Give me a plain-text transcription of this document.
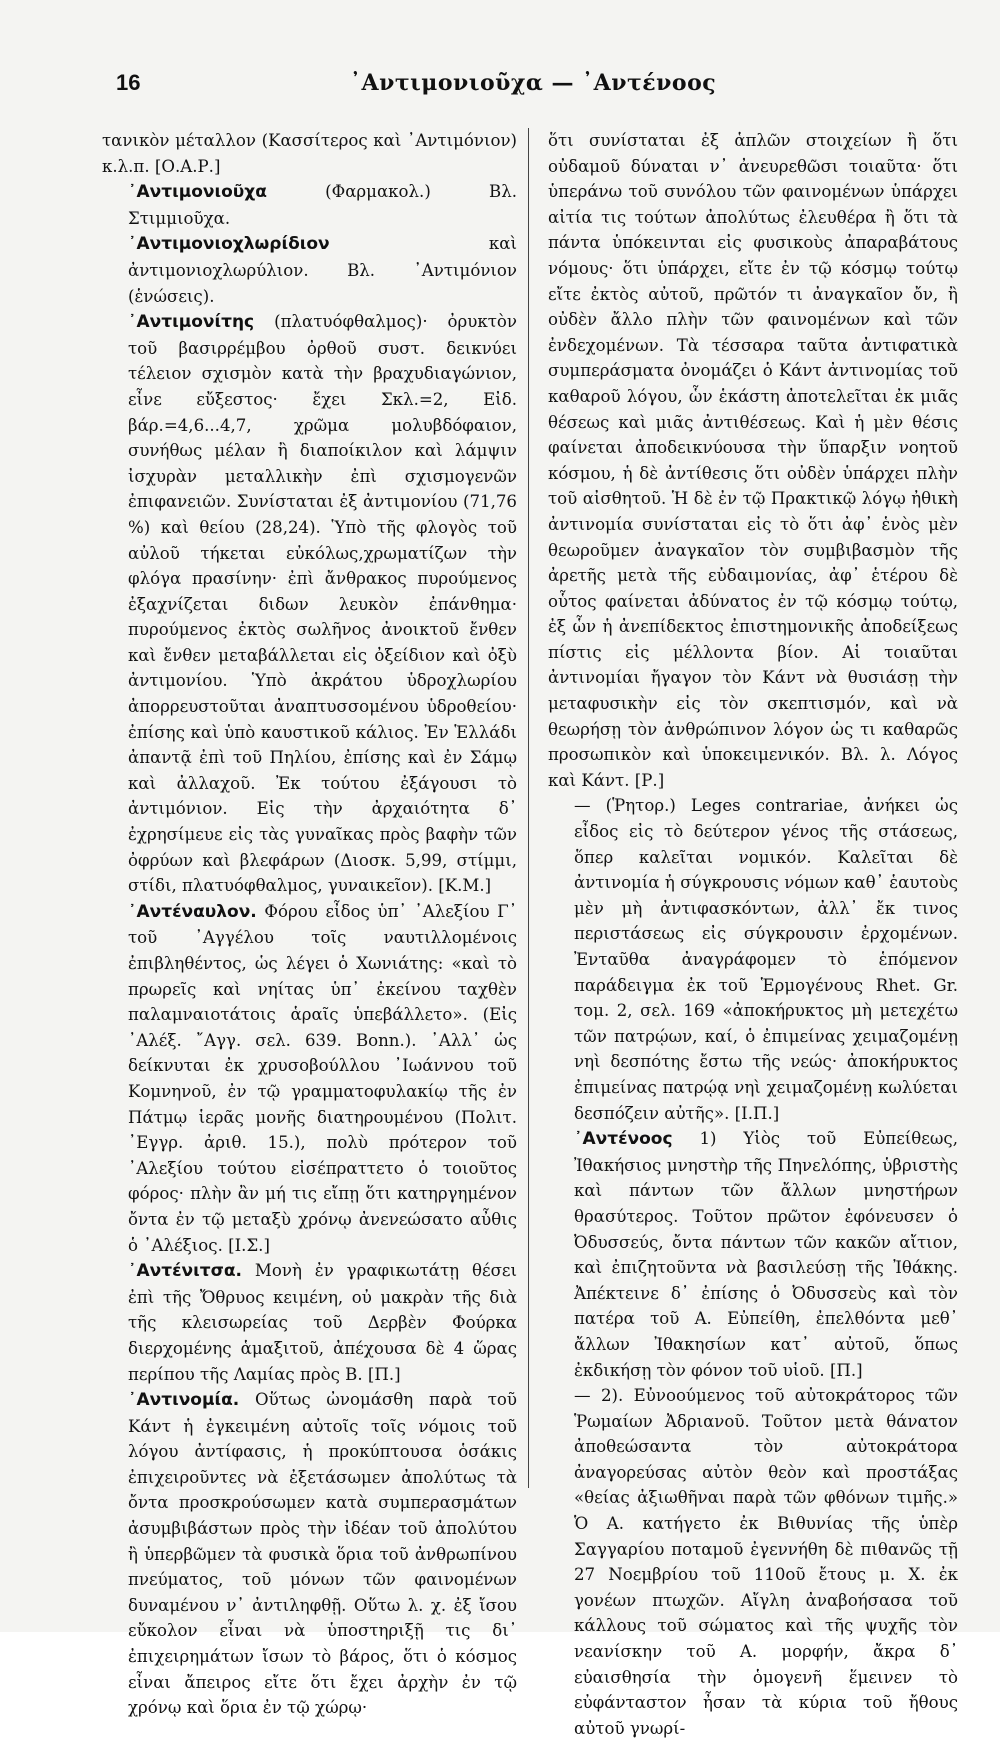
16	᾿Αντιμονιοῦχα — ᾿Αντένοος

τανικὸν μέταλλον (Κασσίτερος καὶ ᾿Αντιμόνιον) κ.λ.π. [Ο.Α.Ρ.]

᾿Αντιμονιοῦχα	(Φαρμακολ.) Βλ. Στιμμιοῦχα.

᾿Αντιμονιοχλωρίδιον	καὶ ἀντιμονιοχλωρύλιον. Βλ. ᾿Αντιμόνιον (ἑνώσεις).

᾿Αντιμονίτης (πλατυόφθαλμος)· ὀρυκτὸν τοῦ βασιρρέμβου ὀρθοῦ συστ. δεικνύει τέλειον σχισμὸν κατὰ τὴν βραχυδιαγώνιον, εἶνε εὔξεστος· ἔχει Σκλ.=2, Εἰδ. βάρ.=4,6...4,7, χρῶμα μολυβδόφαιον, συνήθως μέλαν ἢ διαποίκιλον καὶ λάμψιν ἰσχυρὰν μεταλλικὴν ἐπὶ σχισμογενῶν ἐπιφανειῶν. Συνίσταται ἐξ ἀντιμονίου (71,76 %) καὶ θείου (28,24). Ὑπὸ τῆς φλογὸς τοῦ αὐλοῦ τήκεται εὐκόλως,χρωματίζων τὴν φλόγα πρασίνην· ἐπὶ ἄνθρακος πυρούμενος ἐξαχνίζεται διδων λευκὸν ἐπάνθημα· πυρούμενος ἐκτὸς σωλῆνος ἀνοικτοῦ ἔνθεν καὶ ἔνθεν μεταβάλλεται εἰς ὀξείδιον καὶ ὀξὺ ἀντιμονίου. Ὑπὸ ἀκράτου ὑδροχλωρίου ἀπορρευστοῦται ἀναπτυσσομένου ὑδροθείου· ἐπίσης καὶ ὑπὸ καυστικοῦ κάλιος. Ἐν Ἑλλάδι ἀπαντᾷ ἐπὶ τοῦ Πηλίου, ἐπίσης καὶ ἐν Σάμῳ καὶ ἀλλαχοῦ. Ἐκ τούτου ἐξάγουσι τὸ ἀντιμόνιον. Εἰς τὴν ἀρχαιότητα δ᾿ ἐχρησίμευε εἰς τὰς γυναῖκας πρὸς βαφὴν τῶν ὀφρύων καὶ βλεφάρων (Διοσκ. 5,99, στίμμι, στίδι, πλατυόφθαλμος, γυναικεῖον). [Κ.Μ.]

᾿Αντέναυλον. Φόρου εἶδος ὑπ᾿ ᾿Αλεξίου Γ᾿ τοῦ ᾿Αγγέλου τοῖς ναυτιλλομένοις ἐπιβληθέντος, ὡς λέγει ὁ Χωνιάτης: «καὶ τὸ πρωρεῖς καὶ νηίτας ὑπ᾿ ἐκείνου ταχθὲν παλαμναιοτάτοις ἁραῖς ὑπεβάλλετο». (Εἰς ᾿Αλέξ. ῎Αγγ. σελ. 639. Bonn.). ᾿Αλλ᾿ ὡς δείκνυται ἐκ χρυσοβούλλου ᾿Ιωάννου τοῦ Κομνηνοῦ, ἐν τῷ γραμματοφυλακίῳ τῆς ἐν Πάτμῳ ἱερᾶς μονῆς διατηρουμένου (Πολιτ. ᾿Εγγρ. ἀριθ. 15.), πολὺ πρότερον τοῦ ᾿Αλεξίου τούτου εἰσέπραττετο ὁ τοιοῦτος φόρος· πλὴν ἂν μή τις εἴπῃ ὅτι κατηργημένον ὄντα ἐν τῷ μεταξὺ χρόνῳ ἀνενεώσατο αὖθις ὁ ᾿Αλέξιος. [Ι.Σ.]

᾿Αντένιτσα. Μονὴ ἐν γραφικωτάτῃ θέσει ἐπὶ τῆς Ὄθρυος κειμένη, οὐ μακρὰν τῆς διὰ τῆς κλεισωρείας τοῦ Δερβὲν Φούρκα διερχομένης ἁμαξιτοῦ, ἀπέχουσα δὲ 4 ὥρας περίπου τῆς Λαμίας πρὸς Β. [Π.]

᾿Αντινομία. Οὕτως ὠνομάσθη παρὰ τοῦ Κάντ ἡ ἐγκειμένη αὐτοῖς τοῖς νόμοις τοῦ λόγου ἀντίφασις, ἡ προκύπτουσα ὁσάκις ἐπιχειροῦντες νὰ ἐξετάσωμεν ἀπολύτως τὰ ὄντα προσκρούσωμεν κατὰ συμπερασμάτων ἀσυμβιβάστων πρὸς τὴν ἰδέαν τοῦ ἀπολύτου ἢ ὑπερβῶμεν τὰ φυσικὰ ὅρια τοῦ ἀνθρωπίνου πνεύματος, τοῦ μόνων τῶν φαινομένων δυναμένου ν᾿ ἀντιληφθῇ. Οὕτω λ. χ. ἐξ ἴσου εὔκολον εἶναι νὰ ὑποστηριξῇ τις δι᾿ ἐπιχειρημάτων ἴσων τὸ βάρος, ὅτι ὁ κόσμος εἶναι ἄπειρος εἴτε ὅτι ἔχει ἀρχὴν ἐν τῷ χρόνῳ καὶ ὅρια ἐν τῷ χώρῳ·

ὅτι συνίσταται ἐξ ἁπλῶν στοιχείων ἢ ὅτι οὐδαμοῦ δύναται ν᾿ ἀνευρεθῶσι τοιαῦτα· ὅτι ὑπεράνω τοῦ συνόλου τῶν φαινομένων ὑπάρχει αἰτία τις τούτων ἀπολύτως ἐλευθέρα ἢ ὅτι τὰ πάντα ὑπόκεινται εἰς φυσικοὺς ἀπαραβάτους νόμους· ὅτι ὑπάρχει, εἴτε ἐν τῷ κόσμῳ τούτῳ εἴτε ἐκτὸς αὐτοῦ, πρῶτόν τι ἀναγκαῖον ὄν, ἢ οὐδὲν ἄλλο πλὴν τῶν φαινομένων καὶ τῶν ἐνδεχομένων. Τὰ τέσσαρα ταῦτα ἀντιφατικὰ συμπεράσματα ὀνομάζει ὁ Κάντ ἀντινομίας τοῦ καθαροῦ λόγου, ὧν ἑκάστη ἀποτελεῖται ἐκ μιᾶς θέσεως καὶ μιᾶς ἀντιθέσεως. Καὶ ἡ μὲν θέσις φαίνεται ἀποδεικνύουσα τὴν ὕπαρξιν νοητοῦ κόσμου, ἡ δὲ ἀντίθεσις ὅτι οὐδὲν ὑπάρχει πλὴν τοῦ αἰσθητοῦ. Ἡ δὲ ἐν τῷ Πρακτικῷ λόγῳ ἠθικὴ ἀντινομία συνίσταται εἰς τὸ ὅτι ἀφ᾿ ἑνὸς μὲν θεωροῦμεν ἀναγκαῖον τὸν συμβιβασμὸν τῆς ἀρετῆς μετὰ τῆς εὐδαιμονίας, ἀφ᾿ ἑτέρου δὲ οὗτος φαίνεται ἀδύνατος ἐν τῷ κόσμῳ τούτῳ, ἐξ ὧν ἡ ἀνεπίδεκτος ἐπιστημονικῆς ἀποδείξεως πίστις εἰς μέλλοντα βίον. Αἱ τοιαῦται ἀντινομίαι ἤγαγον τὸν Κάντ νὰ θυσιάσῃ τὴν μεταφυσικὴν εἰς τὸν σκεπτισμόν, καὶ νὰ θεωρήσῃ τὸν ἀνθρώπινον λόγον ὡς τι καθαρῶς προσωπικὸν καὶ ὑποκειμενικόν. Βλ. λ. Λόγος καὶ Κάντ. [Ρ.]

— (Ῥητορ.) Leges contrariae, ἀνήκει ὡς εἶδος εἰς τὸ δεύτερον γένος τῆς στάσεως, ὅπερ καλεῖται νομικόν. Καλεῖται δὲ ἀντινομία ἡ σύγκρουσις νόμων καθ᾿ ἑαυτοὺς μὲν μὴ ἀντιφασκόντων, ἀλλ᾿ ἔκ τινος περιστάσεως εἰς σύγκρουσιν ἐρχομένων. Ἐνταῦθα ἀναγράφομεν τὸ ἑπόμενον παράδειγμα ἐκ τοῦ Ἑρμογένους Rhet. Gr. τομ. 2, σελ. 169 «ἀποκήρυκτος μὴ μετεχέτω τῶν πατρῴων, καί, ὁ ἐπιμείνας χειμαζομένῃ νηὶ δεσπότης ἔστω τῆς νεώς· ἀποκήρυκτος ἐπιμείνας πατρῴᾳ νηὶ χειμαζομένῃ κωλύεται δεσπόζειν αὐτῆς». [Ι.Π.]

᾿Αντένοος 1) Υἱὸς τοῦ Εὐπείθεως, Ἰθακήσιος μνηστὴρ τῆς Πηνελόπης, ὑβριστὴς καὶ πάντων τῶν ἄλλων μνηστήρων θρασύτερος. Τοῦτον πρῶτον ἐφόνευσεν ὁ Ὀδυσσεύς, ὄντα πάντων τῶν κακῶν αἴτιον, καὶ ἐπιζητοῦντα νὰ βασιλεύσῃ τῆς Ἰθάκης. Ἀπέκτεινε δ᾿ ἐπίσης ὁ Ὀδυσσεὺς καὶ τὸν πατέρα τοῦ Α. Εὐπείθη, ἐπελθόντα μεθ᾿ ἄλλων Ἰθακησίων κατ᾿ αὐτοῦ, ὅπως ἐκδικήσῃ τὸν φόνον τοῦ υἱοῦ. [Π.]

— 2). Εὐνοούμενος τοῦ αὐτοκράτορος τῶν Ῥωμαίων Ἀδριανοῦ. Τοῦτον μετὰ θάνατον ἀποθεώσαντα τὸν αὐτοκράτορα ἀναγορεύσας αὐτὸν θεὸν καὶ προστάξας «θείας ἀξιωθῆναι παρὰ τῶν φθόνων τιμῆς.» Ὁ Α. κατήγετο ἐκ Βιθυνίας τῆς ὑπὲρ Σαγγαρίου ποταμοῦ ἐγεννήθη δὲ πιθανῶς τῇ 27 Νοεμβρίου τοῦ 110οῦ ἔτους μ. Χ. ἐκ γονέων πτωχῶν. Αἴγλη ἀναβοήσασα τοῦ κάλλους τοῦ σώματος καὶ τῆς ψυχῆς τὸν νεανίσκην τοῦ Α. μορφήν, ἄκρα δ᾿ εὐαισθησία τὴν ὁμογενῆ ἕμεινεν τὸ εὐφάνταστον ἦσαν τὰ κύρια τοῦ ἤθους αὐτοῦ γνωρί-
